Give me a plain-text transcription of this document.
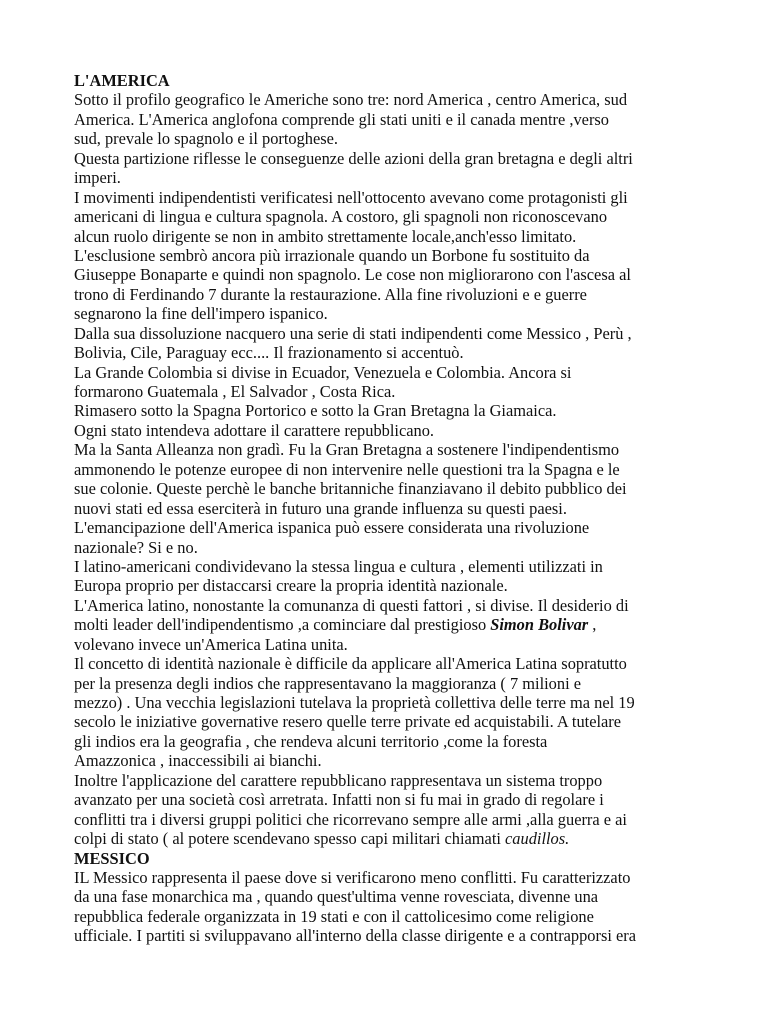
L'AMERICA
Sotto il profilo geografico le Americhe sono tre: nord America , centro America, sud
America. L'America anglofona comprende gli stati uniti e il canada mentre ,verso
sud, prevale lo spagnolo e il portoghese.
Questa partizione riflesse le conseguenze delle azioni della gran bretagna e degli altri
imperi.
I movimenti indipendentisti verificatesi nell'ottocento avevano come protagonisti gli
americani di lingua e cultura spagnola. A costoro, gli spagnoli non riconoscevano
alcun ruolo dirigente se non in ambito strettamente locale,anch'esso limitato.
L'esclusione sembrò ancora più irrazionale quando un Borbone fu sostituito da
Giuseppe Bonaparte e quindi non spagnolo. Le cose non migliorarono con l'ascesa al
trono di Ferdinando 7 durante la restaurazione. Alla fine rivoluzioni e e guerre
segnarono la fine dell'impero ispanico.
Dalla sua dissoluzione nacquero una serie di stati indipendenti come Messico , Perù ,
Bolivia, Cile, Paraguay ecc.... Il frazionamento si accentuò.
La Grande Colombia si divise in Ecuador, Venezuela e Colombia. Ancora si
formarono Guatemala , El Salvador , Costa Rica.
Rimasero sotto la Spagna Portorico e sotto la Gran Bretagna la Giamaica.
Ogni stato intendeva adottare il carattere repubblicano.
Ma la Santa Alleanza non gradì. Fu la Gran Bretagna a sostenere l'indipendentismo
ammonendo le potenze europee di non intervenire nelle questioni tra la Spagna e le
sue colonie. Queste perchè le banche britanniche finanziavano il debito pubblico dei
nuovi stati ed essa eserciterà in futuro una grande influenza su questi paesi.
L'emancipazione dell'America ispanica può essere considerata una rivoluzione
nazionale? Si e no.
I latino-americani condividevano la stessa lingua e cultura , elementi utilizzati in
Europa proprio per distaccarsi creare la propria identità nazionale.
L'America latino, nonostante la comunanza di questi fattori , si divise. Il desiderio di
molti leader dell'indipendentismo ,a cominciare dal prestigioso Simon Bolivar ,
volevano invece un'America Latina unita.
Il concetto di identità nazionale è difficile da applicare all'America Latina sopratutto
per la presenza degli indios che rappresentavano la maggioranza ( 7 milioni e
mezzo) . Una vecchia legislazioni tutelava la proprietà collettiva delle terre ma nel 19
secolo le iniziative governative resero quelle terre private ed acquistabili. A tutelare
gli indios era la geografia , che rendeva alcuni territorio ,come la foresta
Amazzonica , inaccessibili ai bianchi.
Inoltre l'applicazione del carattere repubblicano rappresentava un sistema troppo
avanzato per una società così arretrata. Infatti non si fu mai in grado di regolare i
conflitti tra i diversi gruppi politici che ricorrevano sempre alle armi ,alla guerra e ai
colpi di stato ( al potere scendevano spesso capi militari chiamati caudillos.
MESSICO
IL Messico rappresenta il paese dove si verificarono meno conflitti. Fu caratterizzato
da una fase monarchica ma , quando quest'ultima venne rovesciata, divenne una
repubblica federale organizzata in 19 stati e con il cattolicesimo come religione
ufficiale. I partiti si sviluppavano all'interno della classe dirigente e a contrapporsi era
